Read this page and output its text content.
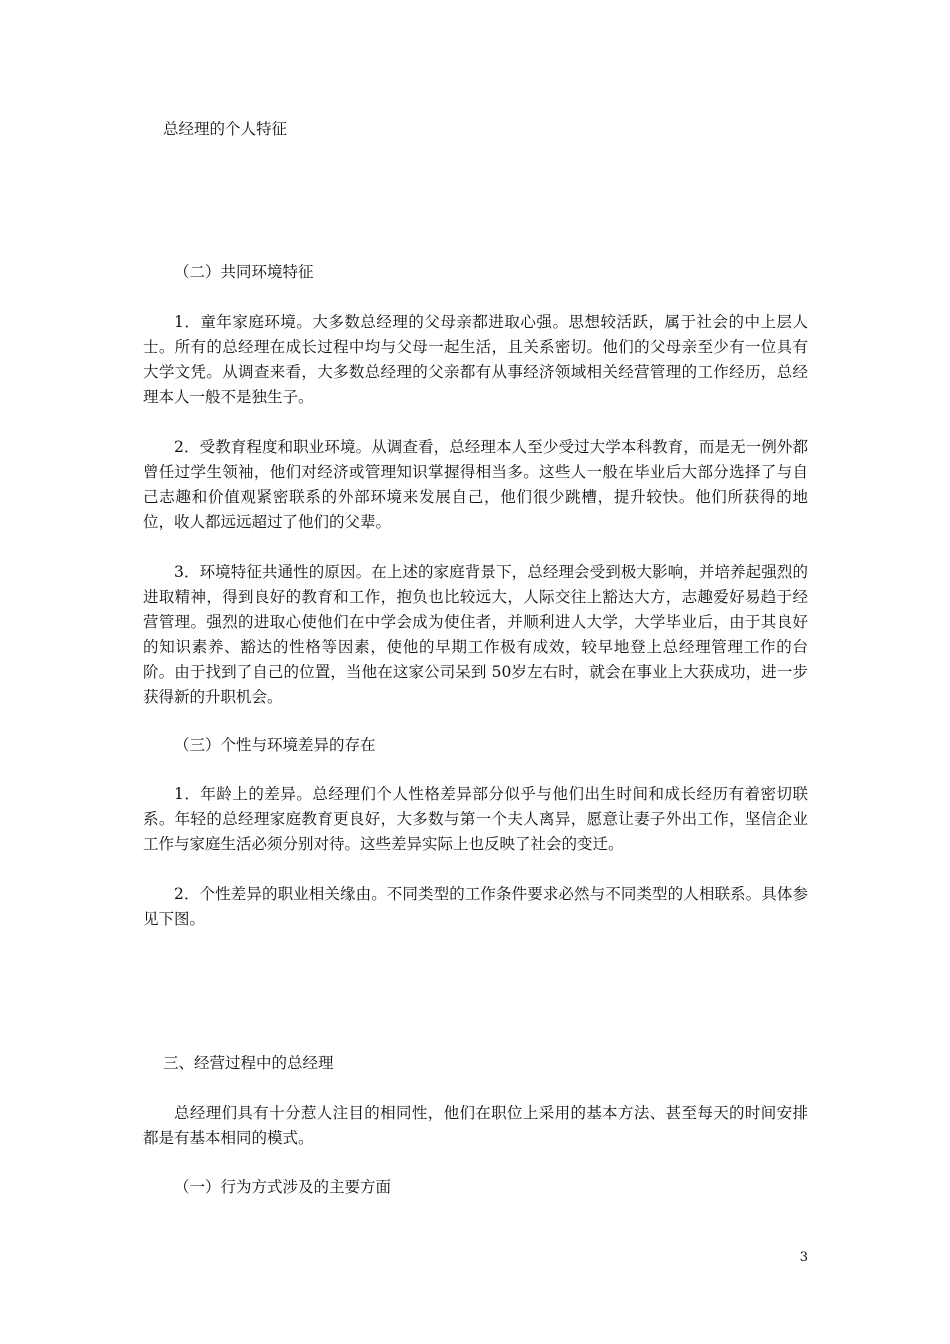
总经理的个人特征

（二）共同环境特征

1．童年家庭环境。大多数总经理的父母亲都进取心强。思想较活跃，属于社会的中上层人士。所有的总经理在成长过程中均与父母一起生活，且关系密切。他们的父母亲至少有一位具有大学文凭。从调查来看，大多数总经理的父亲都有从事经济领域相关经营管理的工作经历，总经理本人一般不是独生子。

2．受教育程度和职业环境。从调查看，总经理本人至少受过大学本科教育，而是无一例外都曾任过学生领袖，他们对经济或管理知识掌握得相当多。这些人一般在毕业后大部分选择了与自己志趣和价值观紧密联系的外部环境来发展自己，他们很少跳槽，提升较快。他们所获得的地位，收人都远远超过了他们的父辈。

3．环境特征共通性的原因。在上述的家庭背景下，总经理会受到极大影响，并培养起强烈的进取精神，得到良好的教育和工作，抱负也比较远大，人际交往上豁达大方，志趣爱好易趋于经营管理。强烈的进取心使他们在中学会成为使住者，并顺利进人大学，大学毕业后，由于其良好的知识素养、豁达的性格等因素，使他的早期工作极有成效，较早地登上总经理管理工作的台阶。由于找到了自己的位置，当他在这家公司呆到 50岁左右时，就会在事业上大获成功，进一步获得新的升职机会。

（三）个性与环境差异的存在

1．年龄上的差异。总经理们个人性格差异部分似乎与他们出生时间和成长经历有着密切联系。年轻的总经理家庭教育更良好，大多数与第一个夫人离异，愿意让妻子外出工作，坚信企业工作与家庭生活必须分别对待。这些差异实际上也反映了社会的变迁。

2．个性差异的职业相关缘由。不同类型的工作条件要求必然与不同类型的人相联系。具体参见下图。

三、经营过程中的总经理

总经理们具有十分惹人注目的相同性，他们在职位上采用的基本方法、甚至每天的时间安排都是有基本相同的模式。

（一）行为方式涉及的主要方面

3
